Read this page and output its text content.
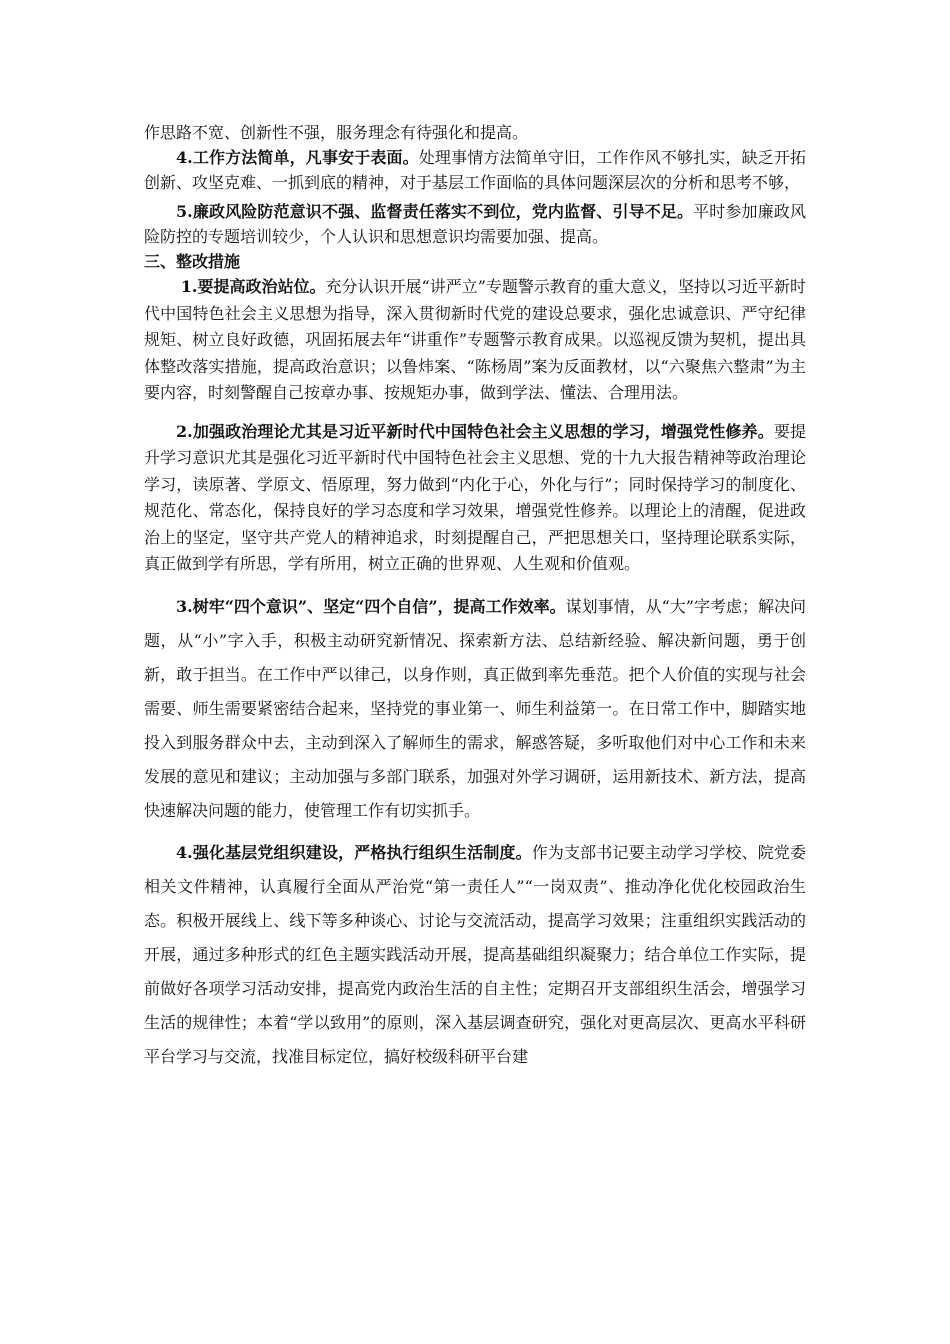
作思路不宽、创新性不强，服务理念有待强化和提高。

4.工作方法简单，凡事安于表面。处理事情方法简单守旧，工作作风不够扎实，缺乏开拓创新、攻坚克难、一抓到底的精神，对于基层工作面临的具体问题深层次的分析和思考不够，

5.廉政风险防范意识不强、监督责任落实不到位，党内监督、引导不足。平时参加廉政风险防控的专题培训较少，个人认识和思想意识均需要加强、提高。

三、整改措施

1.要提高政治站位。充分认识开展“讲严立”专题警示教育的重大意义，坚持以习近平新时代中国特色社会主义思想为指导，深入贯彻新时代党的建设总要求，强化忠诚意识、严守纪律规矩、树立良好政德，巩固拓展去年“讲重作”专题警示教育成果。以巡视反馈为契机，提出具体整改落实措施，提高政治意识；以鲁炜案、“陈杨周”案为反面教材，以“六聚焦六整肃”为主要内容，时刻警醒自己按章办事、按规矩办事，做到学法、懂法、合理用法。

2.加强政治理论尤其是习近平新时代中国特色社会主义思想的学习，增强党性修养。要提升学习意识尤其是强化习近平新时代中国特色社会主义思想、党的十九大报告精神等政治理论学习，读原著、学原文、悟原理，努力做到“内化于心，外化与行”；同时保持学习的制度化、规范化、常态化，保持良好的学习态度和学习效果，增强党性修养。以理论上的清醒，促进政治上的坚定，坚守共产党人的精神追求，时刻提醒自己，严把思想关口，坚持理论联系实际，真正做到学有所思，学有所用，树立正确的世界观、人生观和价值观。

3.树牢“四个意识”、坚定“四个自信”，提高工作效率。谋划事情，从“大”字考虑；解决问题，从“小”字入手，积极主动研究新情况、探索新方法、总结新经验、解决新问题，勇于创新，敢于担当。在工作中严以律己，以身作则，真正做到率先垂范。把个人价值的实现与社会需要、师生需要紧密结合起来，坚持党的事业第一、师生利益第一。在日常工作中，脚踏实地投入到服务群众中去，主动到深入了解师生的需求，解惑答疑，多听取他们对中心工作和未来发展的意见和建议；主动加强与多部门联系，加强对外学习调研，运用新技术、新方法，提高快速解决问题的能力，使管理工作有切实抓手。

4.强化基层党组织建设，严格执行组织生活制度。作为支部书记要主动学习学校、院党委相关文件精神，认真履行全面从严治党“第一责任人”“一岗双责”、推动净化优化校园政治生态。积极开展线上、线下等多种谈心、讨论与交流活动，提高学习效果；注重组织实践活动的开展，通过多种形式的红色主题实践活动开展，提高基础组织凝聚力；结合单位工作实际，提前做好各项学习活动安排，提高党内政治生活的自主性；定期召开支部组织生活会，增强学习生活的规律性；本着“学以致用”的原则，深入基层调查研究，强化对更高层次、更高水平科研平台学习与交流，找准目标定位，搞好校级科研平台建
